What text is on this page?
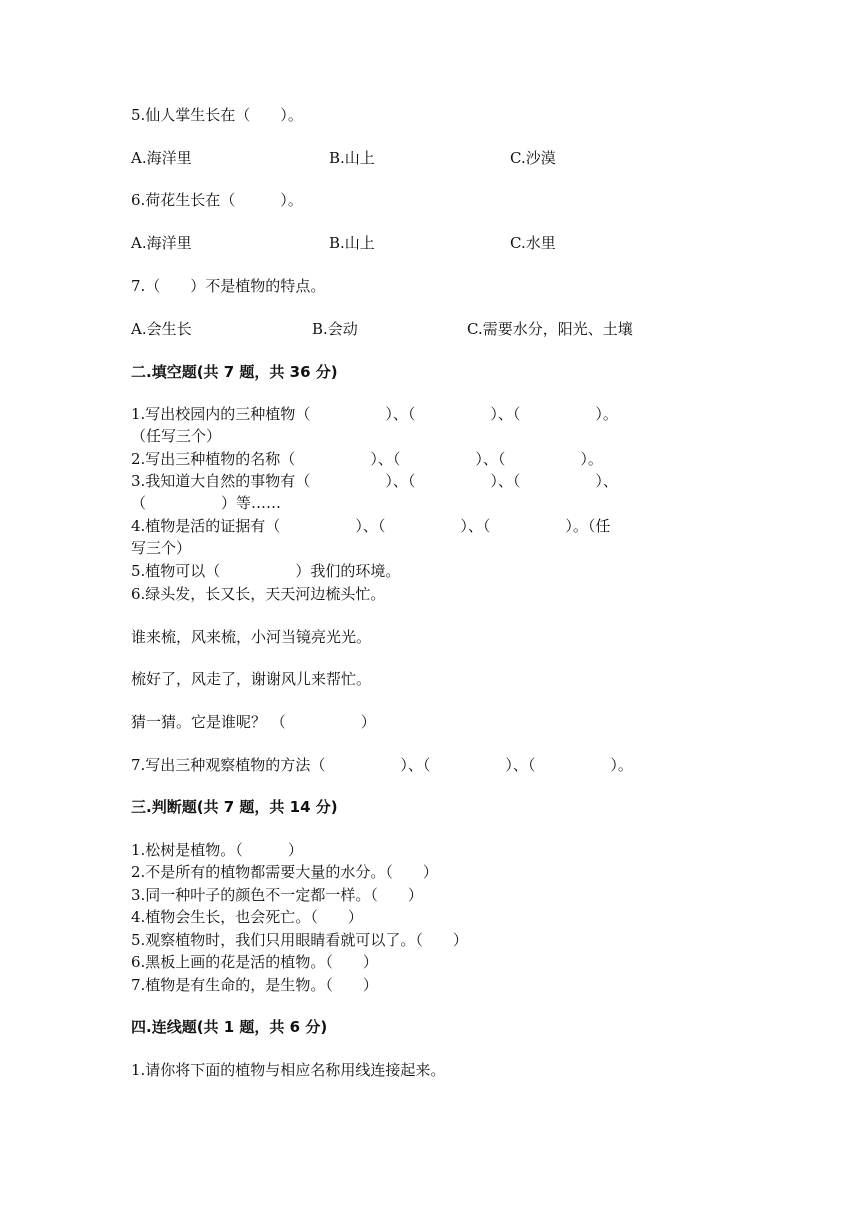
5.仙人掌生长在（　　）。
A.海洋里	B.山上	C.沙漠
6.荷花生长在（　　　）。
A.海洋里	B.山上	C.水里
7.（　　）不是植物的特点。
A.会生长	B.会动	C.需要水分，阳光、土壤
二.填空题(共 7 题，共 36 分)
1.写出校园内的三种植物（　　　　　）、（　　　　　）、（　　　　　）。
（任写三个）
2.写出三种植物的名称（　　　　　）、（　　　　　）、（　　　　　）。
3.我知道大自然的事物有（　　　　　）、（　　　　　）、（　　　　　）、
（　　　　　）等……
4.植物是活的证据有（　　　　　）、（　　　　　）、（　　　　　）。（任
写三个）
5.植物可以（　　　　　）我们的环境。
6.绿头发，长又长，天天河边梳头忙。
谁来梳，风来梳，小河当镜亮光光。
梳好了，风走了，谢谢风儿来帮忙。
猜一猜。它是谁呢？ （　　　　　）
7.写出三种观察植物的方法（　　　　　）、（　　　　　）、（　　　　　）。
三.判断题(共 7 题，共 14 分)
1.松树是植物。（　　　）
2.不是所有的植物都需要大量的水分。（　　）
3.同一种叶子的颜色不一定都一样。（　　）
4.植物会生长，也会死亡。（　　）
5.观察植物时，我们只用眼睛看就可以了。（　　）
6.黑板上画的花是活的植物。（　　）
7.植物是有生命的，是生物。（　　）
四.连线题(共 1 题，共 6 分)
1.请你将下面的植物与相应名称用线连接起来。
